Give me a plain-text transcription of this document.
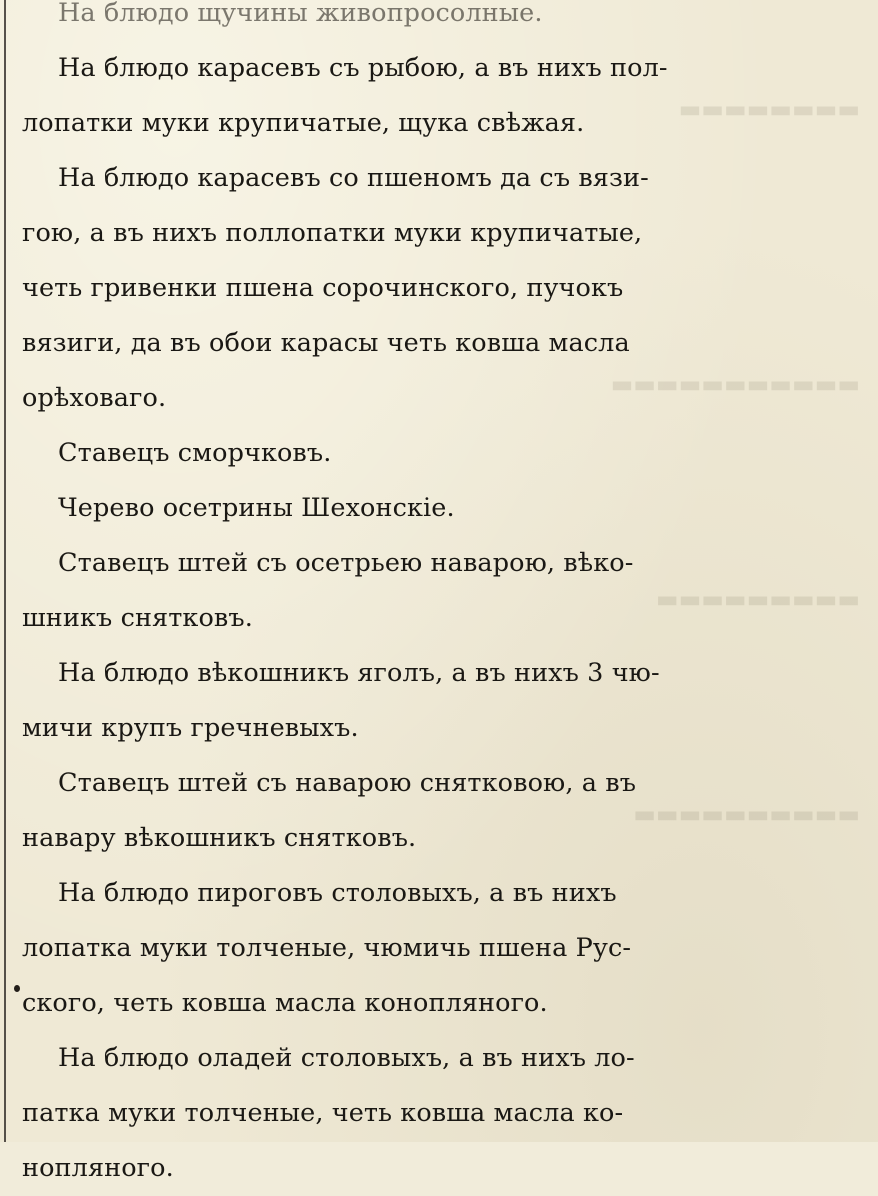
▬▬▬▬▬▬▬▬
▬▬▬▬▬▬▬▬▬▬▬
▬▬▬▬▬▬▬▬▬
▬▬▬▬▬▬▬▬▬▬
На блюдо щучины живопросолные.
На блюдо карасевъ съ рыбою, а въ нихъ пол-
лопатки муки крупичатые, щука свѣжая.
На блюдо карасевъ со пшеномъ да съ вязи-
гою, а въ нихъ поллопатки муки крупичатые,
четь гривенки пшена сорочинского, пучокъ
вязиги, да въ обои карасы четь ковша масла
орѣховаго.
Ставецъ сморчковъ.
Черево осетрины Шехонскіе.
Ставецъ штей съ осетрьею наварою, вѣко-
шникъ снятковъ.
На блюдо вѣкошникъ яголъ, а въ нихъ 3 чю-
мичи крупъ гречневыхъ.
Ставецъ штей съ наварою снятковою, а въ
навару вѣкошникъ снятковъ.
На блюдо пироговъ столовыхъ, а въ нихъ
лопатка муки толченые, чюмичь пшена Рус-
ского, четь ковша масла конопляного.
На блюдо оладей столовыхъ, а въ нихъ ло-
патка муки толченые, четь ковша масла ко-
нопляного.
